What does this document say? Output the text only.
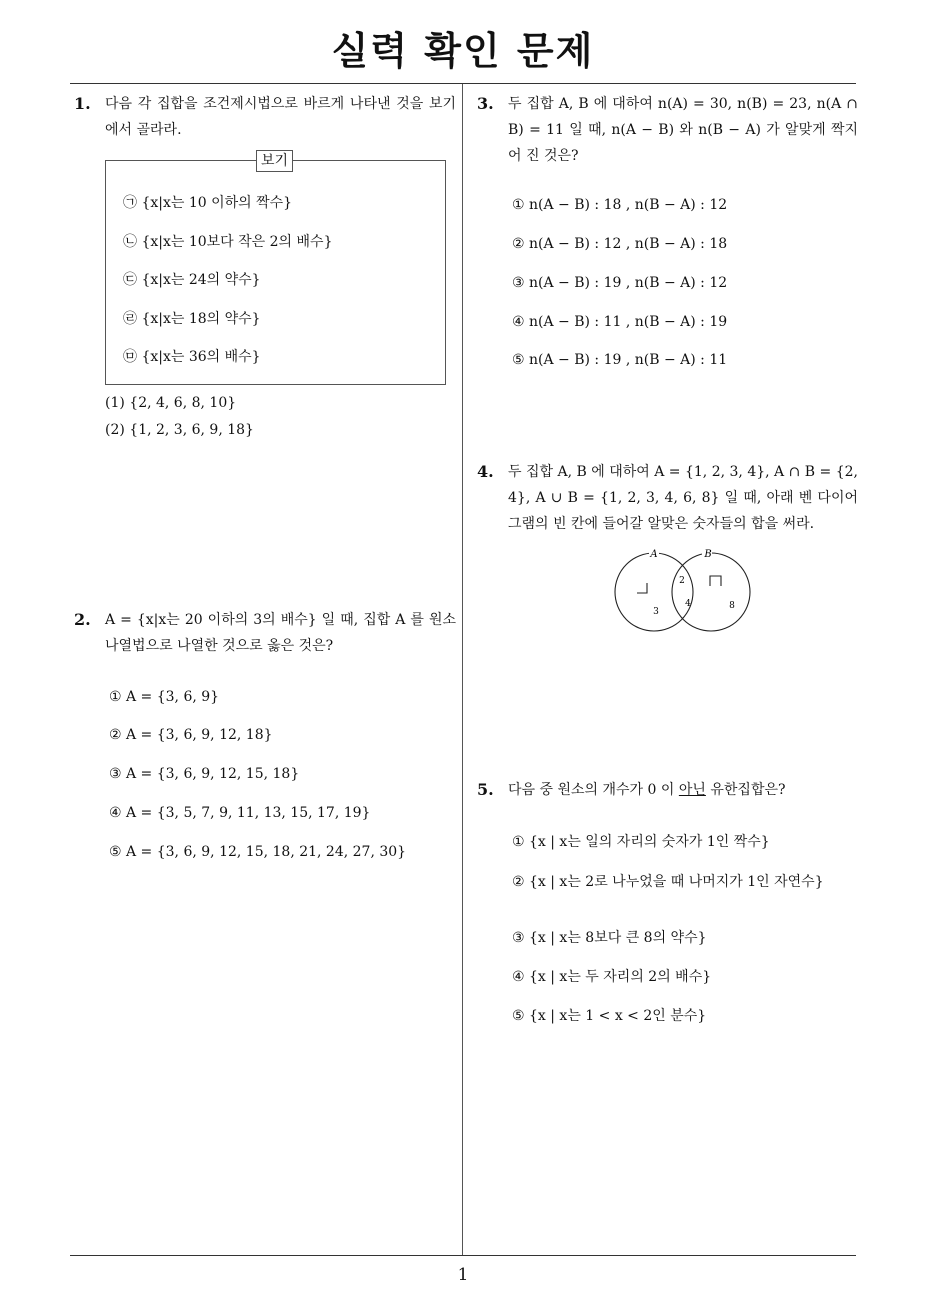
실력 확인 문제
1. 다음 각 집합을 조건제시법으로 바르게 나타낸 것을 보기에서 골라라.
보기
㉠ {x|x는 10 이하의 짝수}
㉡ {x|x는 10보다 작은 2의 배수}
㉢ {x|x는 24의 약수}
㉣ {x|x는 18의 약수}
㉤ {x|x는 36의 배수}
(1) {2, 4, 6, 8, 10}
(2) {1, 2, 3, 6, 9, 18}
2. A = {x|x는 20 이하의 3의 배수} 일 때, 집합 A 를 원소나열법으로 나열한 것으로 옳은 것은?
① A = {3, 6, 9}
② A = {3, 6, 9, 12, 18}
③ A = {3, 6, 9, 12, 15, 18}
④ A = {3, 5, 7, 9, 11, 13, 15, 17, 19}
⑤ A = {3, 6, 9, 12, 15, 18, 21, 24, 27, 30}
3. 두 집합 A, B 에 대하여 n(A) = 30, n(B) = 23, n(A ∩ B) = 11 일 때, n(A − B) 와 n(B − A) 가 알맞게 짝지어 진 것은?
① n(A − B) : 18 , n(B − A) : 12
② n(A − B) : 12 , n(B − A) : 18
③ n(A − B) : 19 , n(B − A) : 12
④ n(A − B) : 11 , n(B − A) : 19
⑤ n(A − B) : 19 , n(B − A) : 11
4. 두 집합 A, B 에 대하여 A = {1, 2, 3, 4}, A ∩ B = {2, 4}, A ∪ B = {1, 2, 3, 4, 6, 8} 일 때, 아래 벤 다이어그램의 빈 칸에 들어갈 알맞은 숫자들의 합을 써라.
A	B
3
2
4	8
5. 다음 중 원소의 개수가 0 이 아닌 유한집합은?
① {x | x는 일의 자리의 숫자가 1인 짝수}
② {x | x는 2로 나누었을 때 나머지가 1인 자연수}
③ {x | x는 8보다 큰 8의 약수}
④ {x | x는 두 자리의 2의 배수}
⑤ {x | x는 1 < x < 2인 분수}
1
